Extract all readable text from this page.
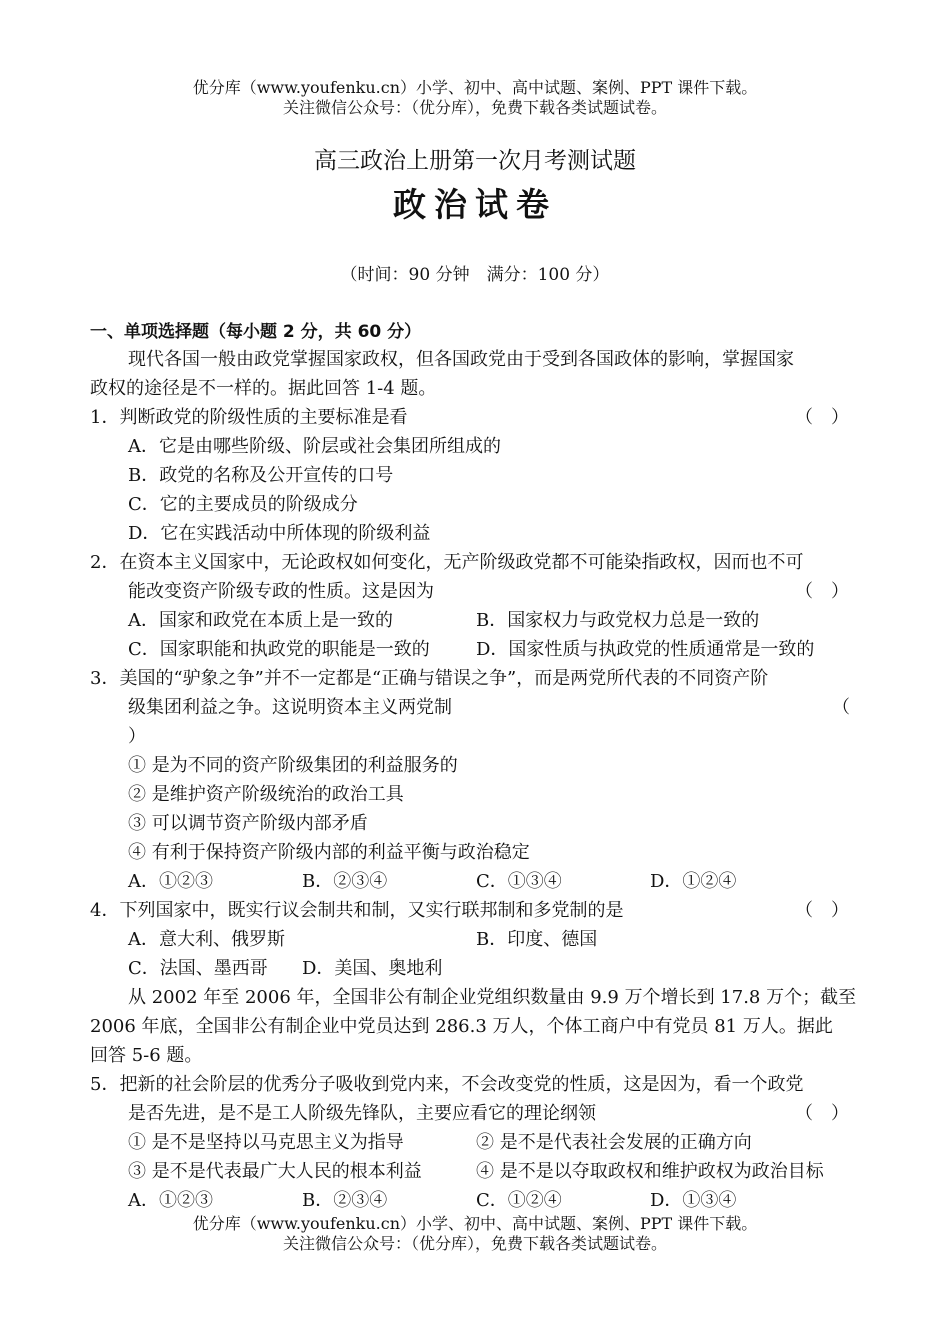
优分库（www.youfenku.cn）小学、初中、高中试题、案例、PPT 课件下载。
关注微信公众号：（优分库），免费下载各类试题试卷。
高三政治上册第一次月考测试题
政治试卷
（时间：90 分钟　满分：100 分）
一、单项选择题（每小题 2 分，共 60 分）
现代各国一般由政党掌握国家政权，但各国政党由于受到各国政体的影响，掌握国家
政权的途径是不一样的。据此回答 1-4 题。
1．判断政党的阶级性质的主要标准是看	（　）
A．它是由哪些阶级、阶层或社会集团所组成的
B．政党的名称及公开宣传的口号
C．它的主要成员的阶级成分
D．它在实践活动中所体现的阶级利益
2．在资本主义国家中，无论政权如何变化，无产阶级政党都不可能染指政权，因而也不可
能改变资产阶级专政的性质。这是因为	（　）
A．国家和政党在本质上是一致的	B．国家权力与政党权力总是一致的
C．国家职能和执政党的职能是一致的	D．国家性质与执政党的性质通常是一致的
3．美国的“驴象之争”并不一定都是“正确与错误之争”，而是两党所代表的不同资产阶
级集团利益之争。这说明资本主义两党制	（
）
① 是为不同的资产阶级集团的利益服务的
② 是维护资产阶级统治的政治工具
③ 可以调节资产阶级内部矛盾
④ 有利于保持资产阶级内部的利益平衡与政治稳定
A．①②③	B．②③④	C．①③④	D．①②④
4．下列国家中，既实行议会制共和制，又实行联邦制和多党制的是	（　）
A．意大利、俄罗斯	B．印度、德国
C．法国、墨西哥 D．美国、奥地利
从 2002 年至 2006 年，全国非公有制企业党组织数量由 9.9 万个增长到 17.8 万个；截至
2006 年底，全国非公有制企业中党员达到 286.3 万人，个体工商户中有党员 81 万人。据此
回答 5-6 题。
5．把新的社会阶层的优秀分子吸收到党内来，不会改变党的性质，这是因为，看一个政党
是否先进，是不是工人阶级先锋队，主要应看它的理论纲领	（　）
① 是不是坚持以马克思主义为指导	② 是不是代表社会发展的正确方向
③ 是不是代表最广大人民的根本利益	④ 是不是以夺取政权和维护政权为政治目标
A．①②③	B．②③④	C．①②④	D．①③④
优分库（www.youfenku.cn）小学、初中、高中试题、案例、PPT 课件下载。
关注微信公众号：（优分库），免费下载各类试题试卷。
